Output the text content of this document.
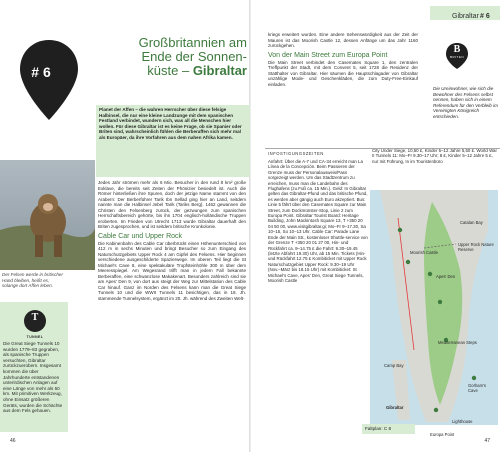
# 6
Großbritannien am
Ende der Sonnen-
küste – Gibraltar
Planet der Affen – die wahren Herrscher über diese felsige Halbinsel, die nur eine kleine Landzunge mit dem spanischen Festland verbindet, wundern sich, was all die Menschen hier wollen. Für diese Gibraltar ist es keine Frage, ob sie Spanier oder Briten sind, wahrscheinlich fühlen die Berberaffen sich mehr mal als Europäer, da ihre Vorfahren aus dem nahen Afrika kamen.
Der Felsen werde in britischer Hand bleiben, heißt es, solange dort Affen leben.
T
TUNNEL
Die Great Siege Tunnels 10 wurden 1779–83 gegraben, als spanische Truppen versuchten, Gibraltar zurückzuerobern. Insgesamt kommen die über Jahrhunderte entstandenen unterirdischen Anlagen auf eine Länge von mehr als 50 km. Mit primitiven Werkzeug, ohne Einsatz größeren Geräts, wurden die Schächte aus dem Fels gehauen.
Jedes Jahr strömen mehr als 6 Mio. Besucher in den rund 8 km² große Exklave, die bereits seit Zeiten der Phönizier besiedelt ist. Auch die Römer hinterließen ihre Spuren, doch der jetzige Name stammt von den Arabern: Der Berberführer Tarik Ibn Sellad ging hier an Land, seitdem nannte man die Halbinsel Jebel Tarik (Tariks Berg). 1462 gewannen die Christen den Felsenberg zurück, der gezwungen zum spanischen Herrschaftsbereich gehörte, bis ihn 1704 englisch-holländische Truppen eroberten. Im Frieden von Utrecht 1713 wurde Gibraltar dauerhaft den Briten zugesprochen, und ist seitdem britische Kronkolonie.
Cable Car und Upper Rock
Die Kabinenbahn des Cable Car überbrückt einen Höhenunterschied von 412 m in sechs Minuten und bringt Besucher so zum Eingang des Naturschutzgebiets Upper Rock 4 am Gipfel des Felsens. Hier beginnen verschiedene ausgeschilderte Spazierwege. Im oberen Teil liegt die St Michael's Cave 8, eine spektakuläre Tropfsteinhöhle 300 m über dem Meeresspiegel. Am Wegesrand trifft man in jedem Fall bekannte Berberaffen, eine schwanzlose Makakenart. Besonders zahlreich sind sie am Apes' Den 9, von dort aus steigt der Weg zur Mittelstation des Cable Car hinauf. Ganz im Norden des Felsens kann man die Great Siege Tunnels 10 und die WWII Tunnels 11 besichtigen, das in 18. Jh. stammende Tunnelsystem, ergänzt im 20. Jh. während des Zweiten Welt-
46
Gibraltar # 6
kriegs erweitert wurden. Eine andere Sehenswürdigkeit aus der Zeit der Mauren ist das Moorish Castle 12, dessen Anfänge um das Jahr 1160 zurückgehen.
Von der Main Street zum Europa Point
Die Main Street verbindet den Casemates Square 1, den zentralen Treffpunkt der Stadt, mit dem Convent 5, seit 1728 die Residenz der Statthalter von Gibraltar. Hier säumen die Hauptschlagader von Gibraltar unzählige Mode- und Geschenkläden, die zum Duty-Free-Einkauf einladen.
B
BRITEN
Die Ureinwohner, wie sich die Bewohner des Felsens selbst nennen, haben sich in einem Referendum für den Verbleib im Vereinigten Königreich entschieden.
INFOSTIGUNGSZEITEN
Anfahrt: Über die A-7 und CA-34 erreicht man La Línea de la Concepción. Beim Passieren der Grenze muss der Personalausweis/Pass vorgezeigt werden. Um das Stadtzentrum zu erreichen, muss man die Landebahn des Flughafens (zu Fuß ca. 15 Min.). Geld: In Gibraltar gelten das Gibraltar-Pfund und das britische Pfund, es werden aber gängig auch Euro akzeptiert. Bus: Linie 5 fährt über den Casemates Square zur Main Street, zum Dockmünster-Stop, Linie 2 zum Europa Point. Gibraltar Tourist Board: Heritage Building, John Mackintosh Square 13, T +350 20 04 50 00, www.visitgibraltar.gi; Mo–Fr 9–17.30, Sa 10–15, So 10–13 Uhr. Cable Car: Parade Lane Ende der Main Str., kostenloser Shuttle-service von der Grenze T +350 20 01 27 00, Hin- und Rückfahrt ca. 9–14.75 £ die Fahrt: 9.30–19.45 (letzte Abfahrt 19.30) Uhr, ab 15 Min. Tickets (Hin- und Rückfahrt 12.75 £ Kombiticket mit Upper Rock Naturschutzgebiet Upper Rock: 9.30–19 Uhr (Nov.–März bis 18.15 Uhr) mit Kombiticket: St Michael's Cave, Apes' Den, Great Siege Tunnels, Moorish Castle
City Under Siege, 10,50 £, Kinder 5–12 Jahre 5,50 £. World War II Tunnels 11: Mo–Fr 9.30–17 Uhr; 8 £, Kinder 5–12 Jahre 5 £, nur mit Führung, In im Touristenbüro
Gibraltar
Camp Bay
Upper Rock Nature Reserve
Catalan Bay
Gorham's Cave
Apes' Den
Moorish Castle
Lighthouse
Mediterranean Steps
Europa Point
Faltplan: C 8
47
